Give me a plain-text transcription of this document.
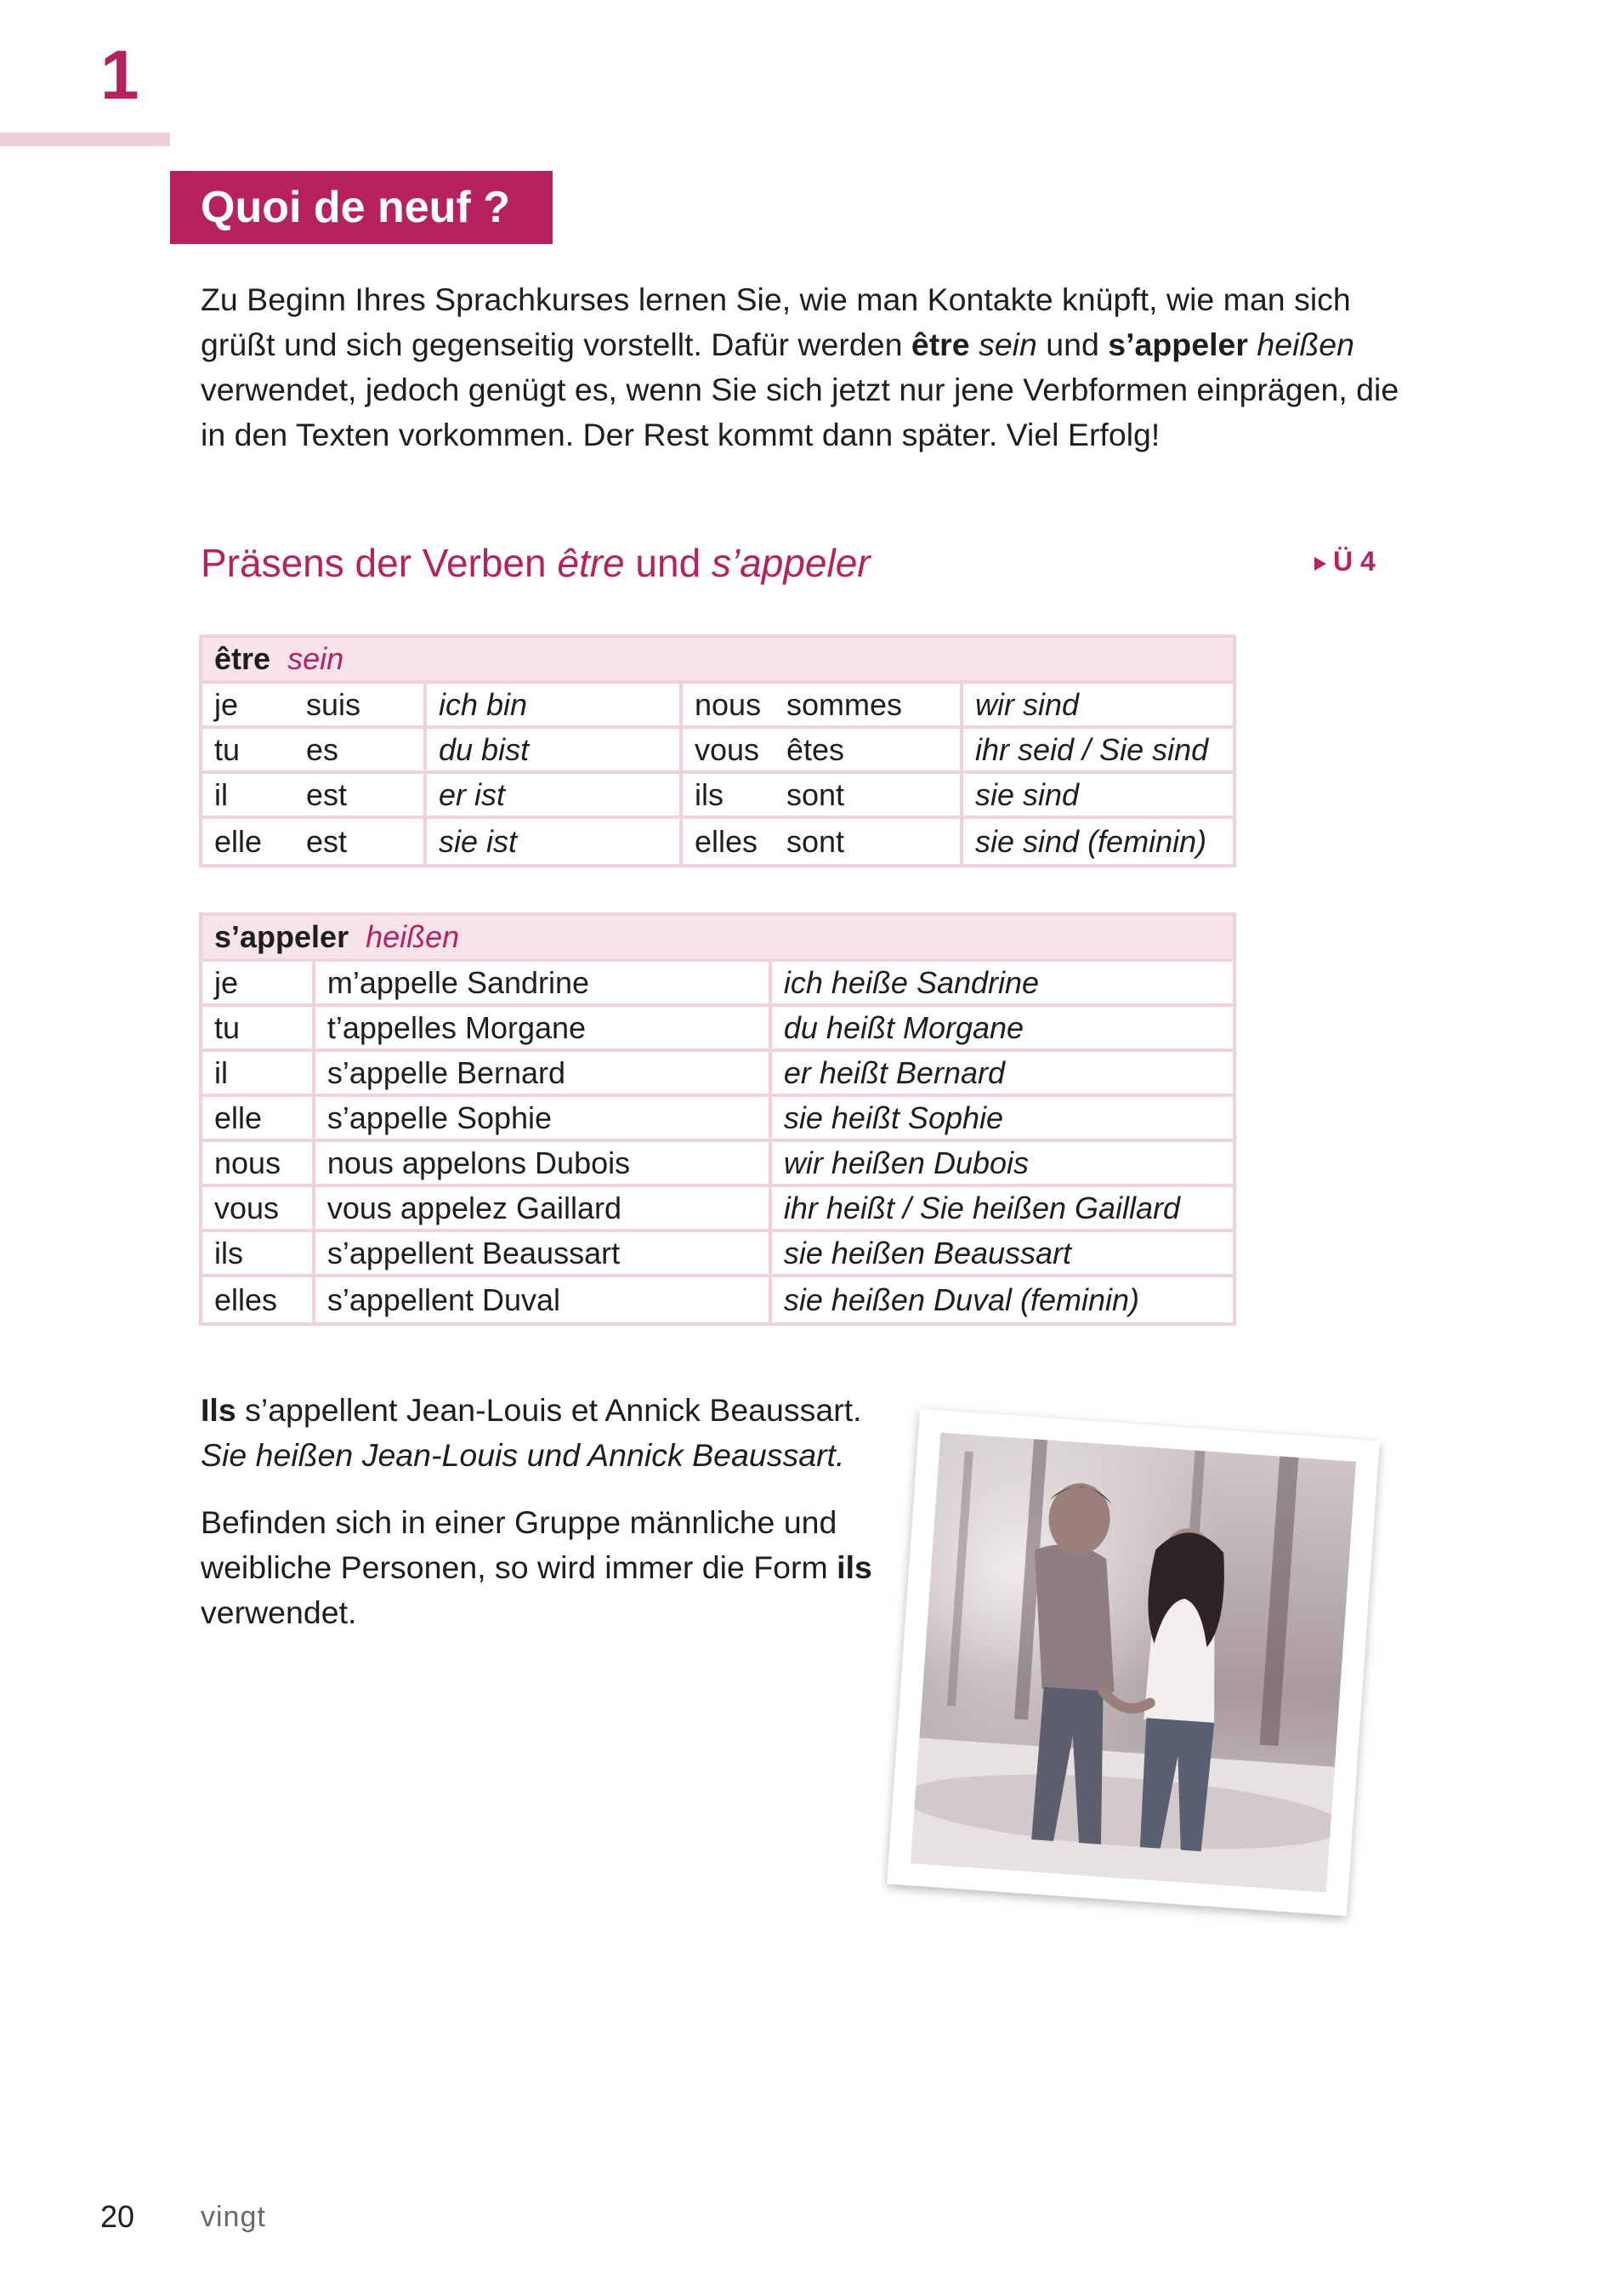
1
Quoi de neuf ?

Zu Beginn Ihres Sprachkurses lernen Sie, wie man Kontakte knüpft, wie man sich grüßt und sich gegenseitig vorstellt. Dafür werden être sein und s’appeler heißen verwendet, jedoch genügt es, wenn Sie sich jetzt nur jene Verbformen einprägen, die in den Texten vorkommen. Der Rest kommt dann später. Viel Erfolg!

Präsens der Verben être und s’appeler	Ü 4
être sein					
je	suis	ich bin	nous	sommes	wir sind
tu	es	du bist	vous	êtes	ihr seid / Sie sind
il	est	er ist	ils	sont	sie sind
elle	est	sie ist	elles	sont	sie sind (feminin)
s’appeler heißen		
je	m’appelle Sandrine	ich heiße Sandrine
tu	t’appelles Morgane	du heißt Morgane
il	s’appelle Bernard	er heißt Bernard
elle	s’appelle Sophie	sie heißt Sophie
nous	nous appelons Dubois	wir heißen Dubois
vous	vous appelez Gaillard	ihr heißt / Sie heißen Gaillard
ils	s’appellent Beaussart	sie heißen Beaussart
elles	s’appellent Duval	sie heißen Duval (feminin)

Ils s’appellent Jean-Louis et Annick Beaussart.
Sie heißen Jean-Louis und Annick Beaussart.

Befinden sich in einer Gruppe männliche und weibliche Personen, so wird immer die Form ils verwendet.

20 vingt
